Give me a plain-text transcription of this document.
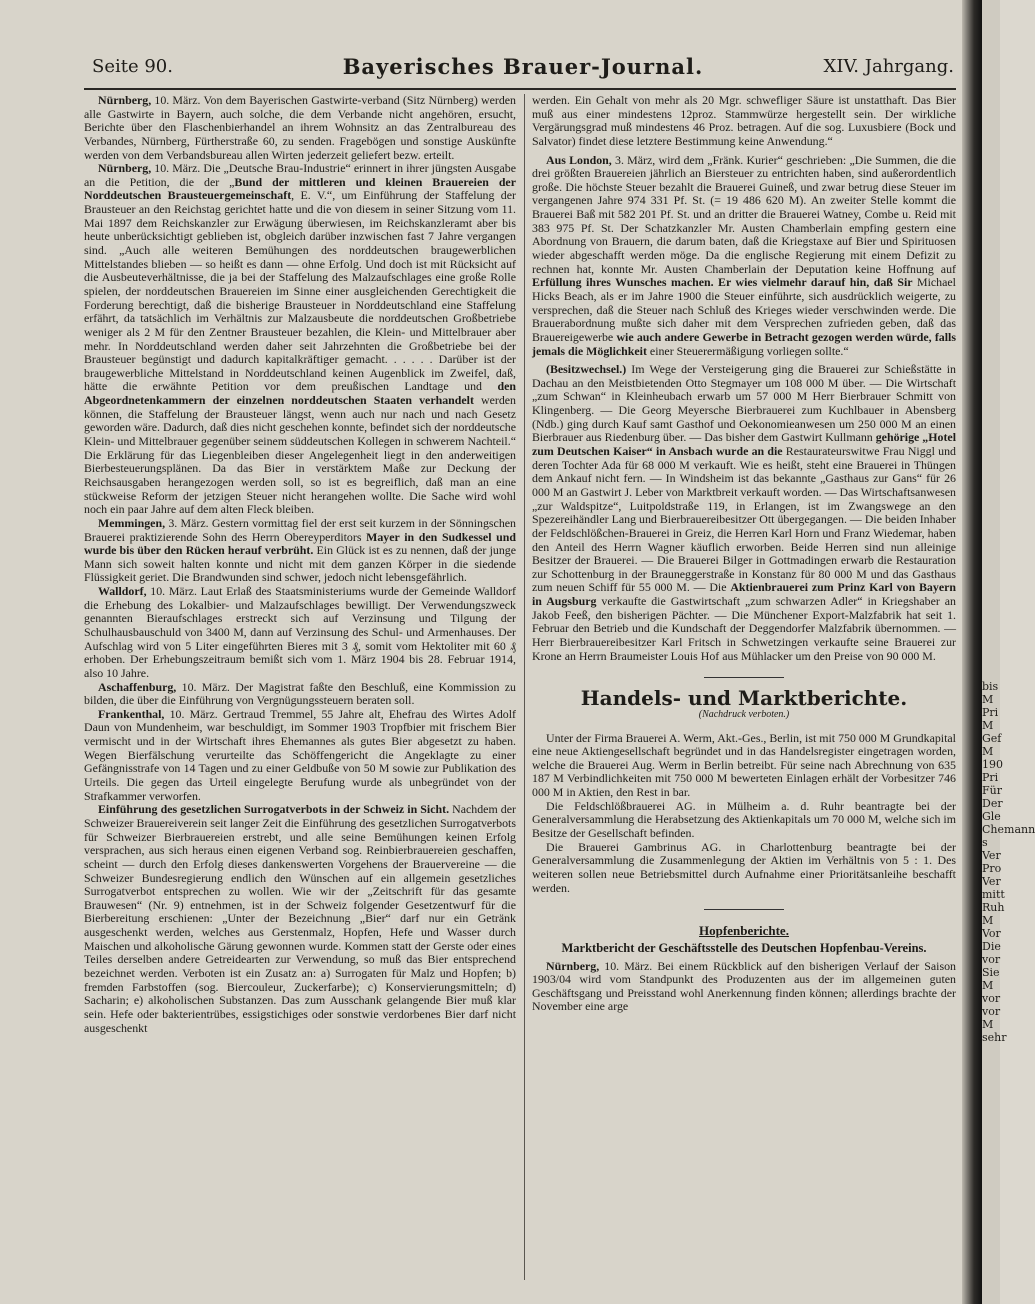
Seite 90.	Bayerisches Brauer-Journal.	XIV. Jahrgang.

Nürnberg, 10. März. Von dem Bayerischen Gastwirte-verband (Sitz Nürnberg) werden alle Gastwirte in Bayern, auch solche, die dem Verbande nicht angehören, ersucht, Berichte über den Flaschenbierhandel an ihrem Wohnsitz an das Zentralbureau des Verbandes, Nürnberg, Fürtherstraße 60, zu senden. Fragebögen und sonstige Auskünfte werden von dem Verbandsbureau allen Wirten jederzeit geliefert bezw. erteilt.

Nürnberg, 10. März. Die „Deutsche Brau-Industrie“ erinnert in ihrer jüngsten Ausgabe an die Petition, die der „Bund der mittleren und kleinen Brauereien der Norddeutschen Brausteuergemeinschaft, E. V.“, um Einführung der Staffelung der Brausteuer an den Reichstag gerichtet hatte und die von diesem in seiner Sitzung vom 11. Mai 1897 dem Reichskanzler zur Erwägung überwiesen, im Reichskanzleramt aber bis heute unberücksichtigt geblieben ist, obgleich darüber inzwischen fast 7 Jahre vergangen sind. „Auch alle weiteren Bemühungen des norddeutschen braugewerblichen Mittelstandes blieben — so heißt es dann — ohne Erfolg. Und doch ist mit Rücksicht auf die Ausbeuteverhältnisse, die ja bei der Staffelung des Malzaufschlages eine große Rolle spielen, der norddeutschen Brauereien im Sinne einer ausgleichenden Gerechtigkeit die Forderung berechtigt, daß die bisherige Brausteuer in Norddeutschland eine Staffelung erfährt, da tatsächlich im Verhältnis zur Malzausbeute die norddeutschen Großbetriebe weniger als 2 M für den Zentner Brausteuer bezahlen, die Klein- und Mittelbrauer aber mehr. In Norddeutschland werden daher seit Jahrzehnten die Großbetriebe bei der Brausteuer begünstigt und dadurch kapitalkräftiger gemacht. . . . . . Darüber ist der braugewerbliche Mittelstand in Norddeutschland keinen Augenblick im Zweifel, daß, hätte die erwähnte Petition vor dem preußischen Landtage und den Abgeordnetenkammern der einzelnen norddeutschen Staaten verhandelt werden können, die Staffelung der Brausteuer längst, wenn auch nur nach und nach Gesetz geworden wäre. Dadurch, daß dies nicht geschehen konnte, befindet sich der norddeutsche Klein- und Mittelbrauer gegenüber seinem süddeutschen Kollegen in schwerem Nachteil.“ Die Erklärung für das Liegenbleiben dieser Angelegenheit liegt in den anderweitigen Bierbesteuerungsplänen. Da das Bier in verstärktem Maße zur Deckung der Reichsausgaben herangezogen werden soll, so ist es begreiflich, daß man an eine stückweise Reform der jetzigen Steuer nicht herangehen wollte. Die Sache wird wohl noch ein paar Jahre auf dem alten Fleck bleiben.

Memmingen, 3. März. Gestern vormittag fiel der erst seit kurzem in der Sönningschen Brauerei praktizierende Sohn des Herrn Obereyperditors Mayer in den Sudkessel und wurde bis über den Rücken herauf verbrüht. Ein Glück ist es zu nennen, daß der junge Mann sich soweit halten konnte und nicht mit dem ganzen Körper in die siedende Flüssigkeit geriet. Die Brandwunden sind schwer, jedoch nicht lebensgefährlich.

Walldorf, 10. März. Laut Erlaß des Staatsministeriums wurde der Gemeinde Walldorf die Erhebung des Lokalbier- und Malzaufschlages bewilligt. Der Verwendungszweck genannten Bieraufschlages erstreckt sich auf Verzinsung und Tilgung der Schulhausbauschuld von 3400 M, dann auf Verzinsung des Schul- und Armenhauses. Der Aufschlag wird von 5 Liter eingeführten Bieres mit 3 ₰, somit vom Hektoliter mit 60 ₰ erhoben. Der Erhebungszeitraum bemißt sich vom 1. März 1904 bis 28. Februar 1914, also 10 Jahre.

Aschaffenburg, 10. März. Der Magistrat faßte den Beschluß, eine Kommission zu bilden, die über die Einführung von Vergnügungssteuern beraten soll.

Frankenthal, 10. März. Gertraud Tremmel, 55 Jahre alt, Ehefrau des Wirtes Adolf Daun von Mundenheim, war beschuldigt, im Sommer 1903 Tropfbier mit frischem Bier vermischt und in der Wirtschaft ihres Ehemannes als gutes Bier abgesetzt zu haben. Wegen Bierfälschung verurteilte das Schöffengericht die Angeklagte zu einer Gefängnisstrafe von 14 Tagen und zu einer Geldbuße von 50 M sowie zur Publikation des Urteils. Die gegen das Urteil eingelegte Berufung wurde als unbegründet von der Strafkammer verworfen.

Einführung des gesetzlichen Surrogatverbots in der Schweiz in Sicht. Nachdem der Schweizer Brauereiverein seit langer Zeit die Einführung des gesetzlichen Surrogatverbots für Schweizer Bierbrauereien erstrebt, und alle seine Bemühungen keinen Erfolg versprachen, aus sich heraus einen eigenen Verband sog. Reinbierbrauereien geschaffen, scheint — durch den Erfolg dieses dankenswerten Vorgehens der Brauervereine — die Schweizer Bundesregierung endlich den Wünschen auf ein allgemein gesetzliches Surrogatverbot entsprechen zu wollen. Wie wir der „Zeitschrift für das gesamte Brauwesen“ (Nr. 9) entnehmen, ist in der Schweiz folgender Gesetzentwurf für die Bierbereitung erschienen: „Unter der Bezeichnung „Bier“ darf nur ein Getränk ausgeschenkt werden, welches aus Gerstenmalz, Hopfen, Hefe und Wasser durch Maischen und alkoholische Gärung gewonnen wurde. Kommen statt der Gerste oder eines Teiles derselben andere Getreidearten zur Verwendung, so muß das Bier entsprechend bezeichnet werden. Verboten ist ein Zusatz an: a) Surrogaten für Malz und Hopfen; b) fremden Farbstoffen (sog. Biercouleur, Zuckerfarbe); c) Konservierungsmitteln; d) Sacharin; e) alkoholischen Substanzen. Das zum Ausschank gelangende Bier muß klar sein. Hefe oder bakterientrübes, essigstichiges oder sonstwie verdorbenes Bier darf nicht ausgeschenkt

werden. Ein Gehalt von mehr als 20 Mgr. schwefliger Säure ist unstatthaft. Das Bier muß aus einer mindestens 12proz. Stammwürze hergestellt sein. Der wirkliche Vergärungsgrad muß mindestens 46 Proz. betragen. Auf die sog. Luxusbiere (Bock und Salvator) findet diese letztere Bestimmung keine Anwendung.“

Aus London, 3. März, wird dem „Fränk. Kurier“ geschrieben: „Die Summen, die die drei größten Brauereien jährlich an Biersteuer zu entrichten haben, sind außerordentlich große. Die höchste Steuer bezahlt die Brauerei Guineß, und zwar betrug diese Steuer im vergangenen Jahre 974 331 Pf. St. (= 19 486 620 M). An zweiter Stelle kommt die Brauerei Baß mit 582 201 Pf. St. und an dritter die Brauerei Watney, Combe u. Reid mit 383 975 Pf. St. Der Schatzkanzler Mr. Austen Chamberlain empfing gestern eine Abordnung von Brauern, die darum baten, daß die Kriegstaxe auf Bier und Spirituosen wieder abgeschafft werden möge. Da die englische Regierung mit einem Defizit zu rechnen hat, konnte Mr. Austen Chamberlain der Deputation keine Hoffnung auf Erfüllung ihres Wunsches machen. Er wies vielmehr darauf hin, daß Sir Michael Hicks Beach, als er im Jahre 1900 die Steuer einführte, sich ausdrücklich weigerte, zu versprechen, daß die Steuer nach Schluß des Krieges wieder verschwinden werde. Die Brauerabordnung mußte sich daher mit dem Versprechen zufrieden geben, daß das Brauereigewerbe wie auch andere Gewerbe in Betracht gezogen werden würde, falls jemals die Möglichkeit einer Steuerermäßigung vorliegen sollte.“

(Besitzwechsel.) Im Wege der Versteigerung ging die Brauerei zur Schießstätte in Dachau an den Meistbietenden Otto Stegmayer um 108 000 M über. — Die Wirtschaft „zum Schwan“ in Kleinheubach erwarb um 57 000 M Herr Bierbrauer Schmitt von Klingenberg. — Die Georg Meyersche Bierbrauerei zum Kuchlbauer in Abensberg (Ndb.) ging durch Kauf samt Gasthof und Oekonomieanwesen um 250 000 M an einen Bierbrauer aus Riedenburg über. — Das bisher dem Gastwirt Kullmann gehörige „Hotel zum Deutschen Kaiser“ in Ansbach wurde an die Restaurateurswitwe Frau Niggl und deren Tochter Ada für 68 000 M verkauft. Wie es heißt, steht eine Brauerei in Thüngen dem Ankauf nicht fern. — In Windsheim ist das bekannte „Gasthaus zur Gans“ für 26 000 M an Gastwirt J. Leber von Marktbreit verkauft worden. — Das Wirtschaftsanwesen „zur Waldspitze“, Luitpoldstraße 119, in Erlangen, ist im Zwangswege an den Spezereihändler Lang und Bierbrauereibesitzer Ott übergegangen. — Die beiden Inhaber der Feldschlößchen-Brauerei in Greiz, die Herren Karl Horn und Franz Wiedemar, haben den Anteil des Herrn Wagner käuflich erworben. Beide Herren sind nun alleinige Besitzer der Brauerei. — Die Brauerei Bilger in Gottmadingen erwarb die Restauration zur Schottenburg in der Brauneggerstraße in Konstanz für 80 000 M und das Gasthaus zum neuen Schiff für 55 000 M. — Die Aktienbrauerei zum Prinz Karl von Bayern in Augsburg verkaufte die Gastwirtschaft „zum schwarzen Adler“ in Kriegshaber an Jakob Feeß, den bisherigen Pächter. — Die Münchener Export-Malzfabrik hat seit 1. Februar den Betrieb und die Kundschaft der Deggendorfer Malzfabrik übernommen. — Herr Bierbrauereibesitzer Karl Fritsch in Schwetzingen verkaufte seine Brauerei zur Krone an Herrn Braumeister Louis Hof aus Mühlacker um den Preise von 90 000 M.

Handels- und Marktberichte.
(Nachdruck verboten.)

Unter der Firma Brauerei A. Werm, Akt.-Ges., Berlin, ist mit 750 000 M Grundkapital eine neue Aktiengesellschaft begründet und in das Handelsregister eingetragen worden, welche die Brauerei Aug. Werm in Berlin betreibt. Für seine nach Abrechnung von 635 187 M Verbindlichkeiten mit 750 000 M bewerteten Einlagen erhält der Vorbesitzer 746 000 M in Aktien, den Rest in bar.

Die Feldschlößbrauerei AG. in Mülheim a. d. Ruhr beantragte bei der Generalversammlung die Herabsetzung des Aktienkapitals um 70 000 M, welche sich im Besitze der Gesellschaft befinden.

Die Brauerei Gambrinus AG. in Charlottenburg beantragte bei der Generalversammlung die Zusammenlegung der Aktien im Verhältnis von 5 : 1. Des weiteren sollen neue Betriebsmittel durch Aufnahme einer Prioritätsanleihe beschafft werden.

Hopfenberichte.
Marktbericht der Geschäftsstelle des Deutschen Hopfenbau-Vereins.

Nürnberg, 10. März. Bei einem Rückblick auf den bisherigen Verlauf der Saison 1903/04 wird vom Standpunkt des Produzenten aus der im allgemeinen guten Geschäftsgang und Preisstand wohl Anerkennung finden können; allerdings brachte der November eine arge

bis
M
Pri
M
Gef
M
190
Pri
Für
Der
Gle
Chemann
s
Ver
Pro
Ver
mitt
Ruh
M
Vor
Die
vor
Sie
M
vor
vor
M
sehr
